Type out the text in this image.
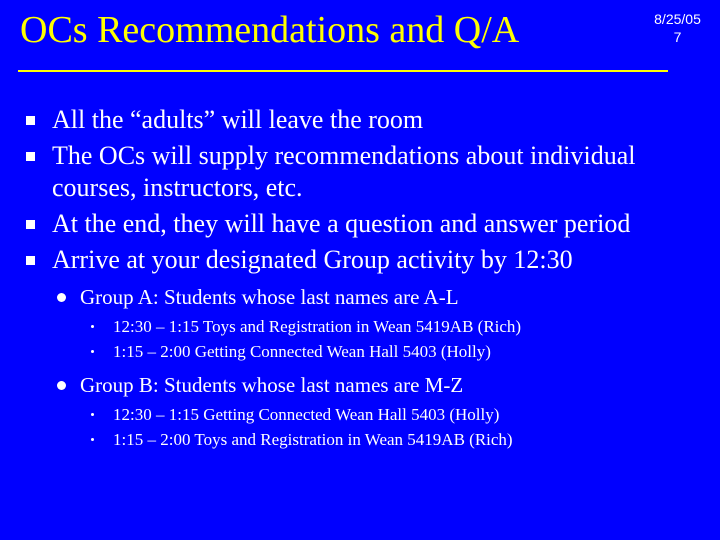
OCs Recommendations and Q/A	8/25/05
7
All the “adults” will leave the room
The OCs will supply recommendations about individual courses, instructors, etc.
At the end, they will have a question and answer period
Arrive at your designated Group activity by 12:30
Group A: Students whose last names are A-L
12:30 – 1:15 Toys and Registration in Wean 5419AB (Rich)
1:15 – 2:00 Getting Connected Wean Hall 5403 (Holly)
Group B: Students whose last names are M-Z
12:30 – 1:15 Getting Connected Wean Hall 5403 (Holly)
1:15 – 2:00 Toys and Registration in Wean 5419AB (Rich)
